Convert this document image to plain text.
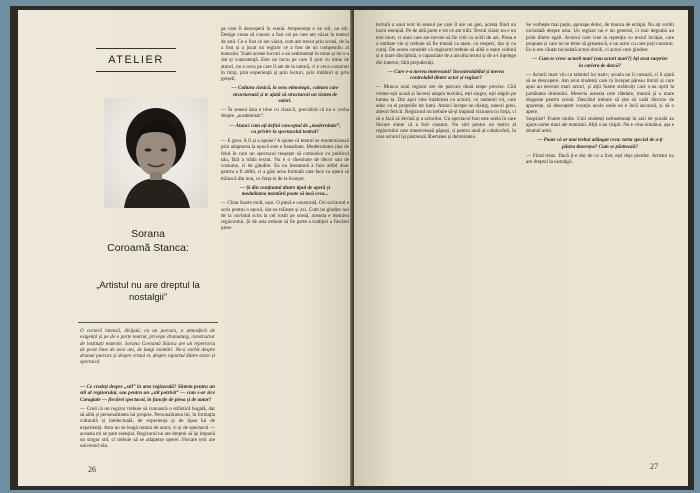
ATELIER
Sorana
Coroamă Stanca:
„Artistul nu are dreptul la nostalgii”

O carieră intensă, dirijată, cu un parcurs, o atmosferă de exigență și pe de o parte teatrul, privește dramaturg, constructor de instituții teatrale. Sorana Coroamă Stanca are un repertoriu de peste bine de zece ani, de lungi montări. Ne-a vorbit despre drumul parcurs și despre crezul ei, despre raportul dintre actor și spectacol.

— Ce credeți despre „stil” în arta regizorală? Sîntem pentru un stil al regizorului, sau pentru un „stil potrivit” — cum s-ar zice Caragiale — fiecărei spectacol, în funcție de piesa și de autor?

— Cred că un regizor trebuie să cunoască o stilistică bogată, dar să aibă și personalitatea lui proprie. Personalitatea lui, în formația culturală și intelectuală, de experiența și de lipsa lui de experiență. Asta nu se leagă numai de autor, ci și de spectacol — aceasta mi se pare esențial. Regizorul nu are dreptul să își impună un singur stil, ci trebuie să se adapteze operei. Fiecare text are universul său.

pe care îl descoperă în scenă. Ampreunța e un stil, nu stil. Design vreau să cunosc a fost cel pe care am văzut în teatrul de artă. Ce o fost ce am văzut, cum am trecut prin scenă, de la a fost și a jucat un regizor ce a fost de un compendiu al teatrului. Toate aceste lucruri s-au sedimentat în mine și mi s-a dat și consistență. Este un lucru pe care îl port cu mine de atunci, nu e ceva pe care îl am de la natură, ci e ceva construit în timp, prin experiență și prin lecturi, prin întâlniri și prin greșeli.

— Cultura clasică, în sens etimologic, cultura care structurează și te ajută să structurezi un sistem de valori.

— În sensul ăsta e bine cu clasicii, precizînd că nu e vorba despre „academism”.

— Atunci cum ați defini conceptul de „modernitate”, cu privire la spectacolul teatral?

— E greu. A fi și a opune? A spune că teatrul se modernizează prin adaptarea la epocă este o banalitate. Modernitatea ține de felul în care un spectacol reușește să comunice cu publicul său, fără a trăda textul. Nu e o chestiune de decor sau de costume, ci de gândire. Ea nu înseamnă a face altfel doar pentru a fi altfel, ci a găsi acea formulă care face ca opera să trăiască din nou, cu forța ei de la început.

— Și din conținutul dintre tipul de operă și modalitatea montării poate să iasă ceva...

— Chiar foarte mult, ușor. O piesă e construită. Ori scriitorul e scris pentru o epocă, dar ea trăiește și azi. Cum ne gîndim noi de la cuvîntul scris la cel rostit pe scenă, aceasta e menirea regizorului. Și de asta trebuie să fie parte a tradiției a fiecărei piese.

26

lectură a unui text în sensul pe care îl are un gen, acesta fiind un lucru esențial. Pe de altă parte e tot ce am trăit. Textul clasic nu e un text mort, ci unul care are nevoie să fie citit cu ochii de azi. Piesa e o entitate vie și trebuie să fie tratată ca atare, cu respect, dar și cu curaj. De aceea consider că regizorul trebuie să aibă o mare cultură și o mare disciplină, o capacitate de a asculta textul și de a-l înțelege din interior, fără prejudecăți.

— Care e-a mereu interesant? Incontrolabilul și mereu controlabil dintre actor și regizor?

— Munca unui regizor are de parcurs două etape precise. Cîtă vreme ești acasă și lucrezi asupra textului, ești singur, ești stăpîn pe lumea ta. Dar apoi vine întâlnirea cu actorii, cu oamenii vii, care aduc cu ei propriile lor lumi. Atunci începe un dialog, uneori greu, alteori fericit. Regizorul nu trebuie să-și impună viziunea cu forța, ci să o facă să devină și a actorilor. Un spectacol bun este acela în care fiecare simte că a fost coautor. Nu sînt pentru un teatru al regizorului care manevrează păpuși, ci pentru unul al colaborării, în care actorul își păstrează libertatea și demnitatea.

Se vorbește mai puțin, aproape deloc, de munca de echipă. Nu ați vorbit niciodată despre asta. Un regizor nu e un general, ci mai degrabă un prim dintre egali. Actorul care vine la repetiție cu textul învățat, care propune și care nu se teme să greșească, e un actor cu care poți construi. Eu n-am căutat niciodată actori docili, ci actori care gîndesc.

— Cum se cresc actorii mari (sau actori mari?) Ați avut surprize în cariera de dască?

— Actorii mari vin cu talentul lor nativ; școala nu îi creează, ci îi ajută să se descopere. Am avut studenți care la început păreau timizi și care apoi au devenit mari actori, și alții foarte străluciți care s-au oprit la jumătatea drumului. Meseria aceasta cere răbdare, muncă și o mare dragoste pentru scenă. Dascălul trebuie să știe să vadă dincolo de aparențe, să descopere vocația acolo unde ea e încă ascunsă, și să o apere.

Surprize? Foarte multe. Unii studenți neînsemnați în anii de școală au ajuns nume mari ale teatrului. Alții s-au risipit. Nu e vina nimănui, așa e drumul artei.

— Poate că ar mai trebui adăugat ceva: tortu special de a-ți păstra tinerețea? Cum se păstrează?

— Fiind treaz. Dacă ți-e dor de ce a fost, ești deja pierdut. Artistul nu are dreptul la nostalgii.

27
